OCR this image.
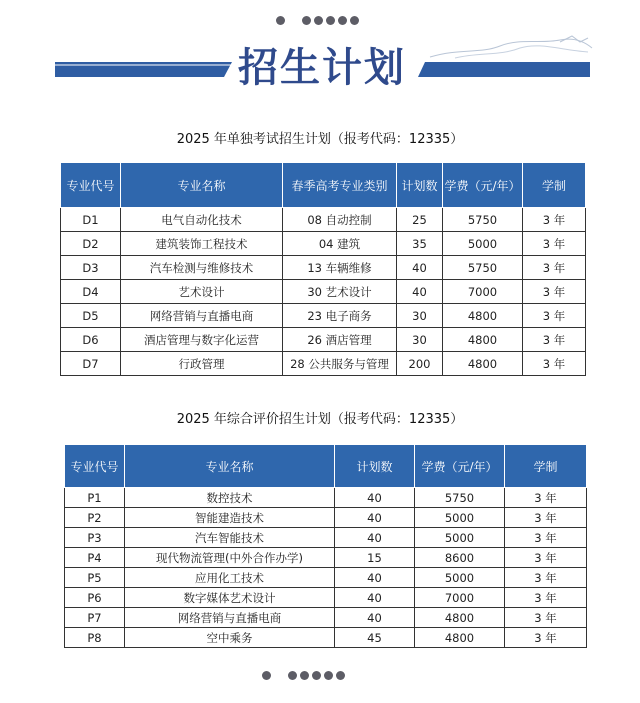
招生计划
2025 年单独考试招生计划（报考代码：12335）
专业代号	专业名称	春季高考专业类别	计划数	学费（元/年）	学制
D1	电气自动化技术	08 自动控制	25	5750	3 年
D2	建筑装饰工程技术	04 建筑	35	5000	3 年
D3	汽车检测与维修技术	13 车辆维修	40	5750	3 年
D4	艺术设计	30 艺术设计	40	7000	3 年
D5	网络营销与直播电商	23 电子商务	30	4800	3 年
D6	酒店管理与数字化运营	26 酒店管理	30	4800	3 年
D7	行政管理	28 公共服务与管理	200	4800	3 年
2025 年综合评价招生计划（报考代码：12335）
专业代号	专业名称	计划数	学费（元/年）	学制
P1	数控技术	40	5750	3 年
P2	智能建造技术	40	5000	3 年
P3	汽车智能技术	40	5000	3 年
P4	现代物流管理(中外合作办学)	15	8600	3 年
P5	应用化工技术	40	5000	3 年
P6	数字媒体艺术设计	40	7000	3 年
P7	网络营销与直播电商	40	4800	3 年
P8	空中乘务	45	4800	3 年
